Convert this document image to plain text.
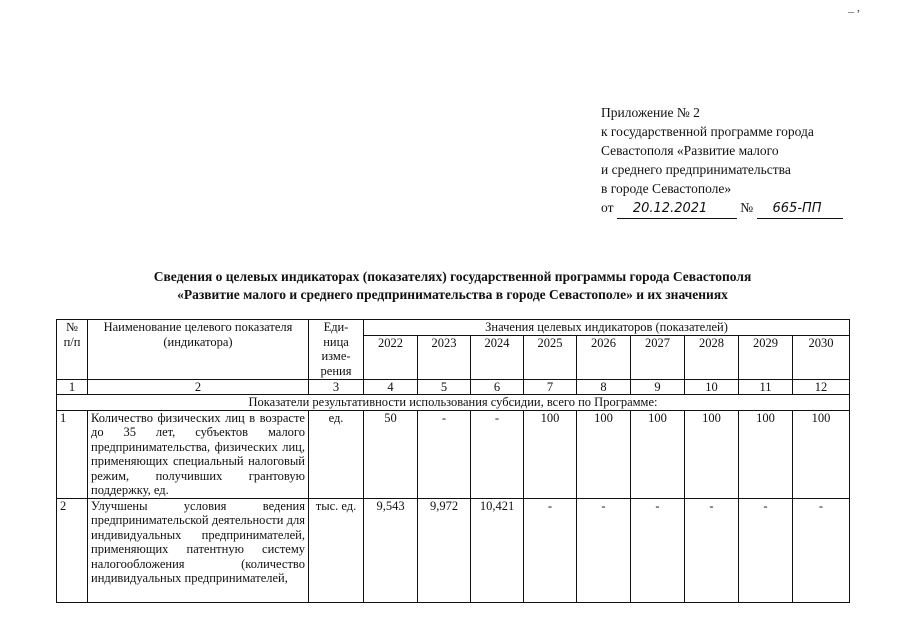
_ ,
Приложение № 2
к государственной программе города
Севастополя «Развитие малого
и среднего предпринимательства
в городе Севастополе»
от 20.12.2021 № 665-ПП
Сведения о целевых индикаторах (показателях) государственной программы города Севастополя
«Развитие малого и среднего предпринимательства в городе Севастополе» и их значениях
№ п/п	Наименование целевого показателя (индикатора)	Еди-ница изме-рения	Значения целевых индикаторов (показателей)								
			2022	2023	2024	2025	2026	2027	2028	2029	2030
1	2	3	4	5	6	7	8	9	10	11	12
Показатели результативности использования субсидии, всего по Программе:											
1	Количество физических лиц в возрасте до 35 лет, субъектов малого предпринимательства, физических лиц, применяющих специальный налоговый режим, получивших грантовую поддержку, ед.	ед.	50	-	-	100	100	100	100	100	100
2	Улучшены условия ведения предпринимательской деятельности для индивидуальных предпринимателей, применяющих патентную систему налогообложения (количество индивидуальных предпринимателей,	тыс. ед.	9,543	9,972	10,421	-	-	-	-	-	-
